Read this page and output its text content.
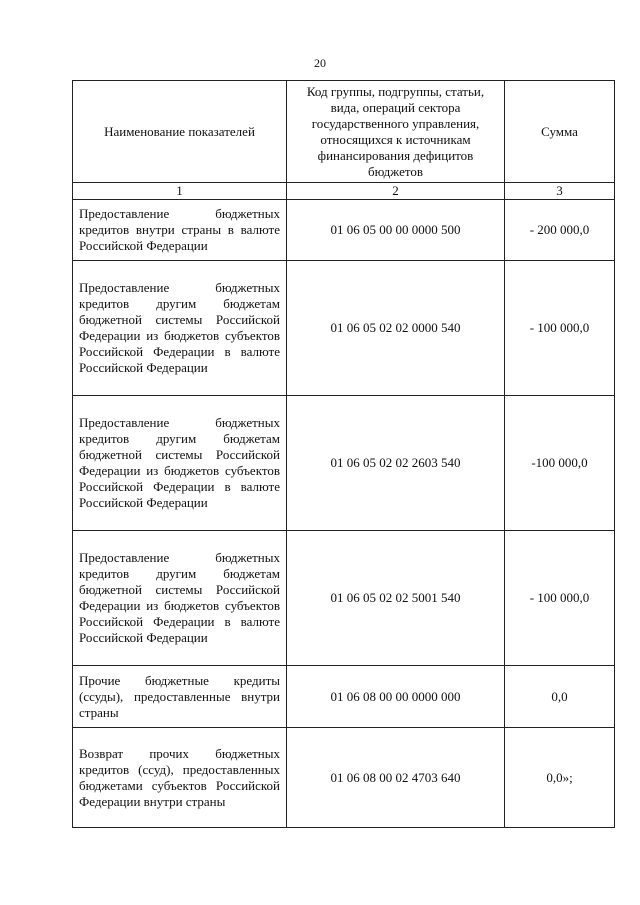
20
Наименование показателей	Код группы, подгруппы, статьи, вида, операций сектора государственного управления, относящихся к источникам финансирования дефицитов бюджетов	Сумма
1	2	3
Предоставление бюджетных кредитов внутри страны в валюте Российской Федерации	01 06 05 00 00 0000 500	- 200 000,0
Предоставление бюджетных кредитов другим бюджетам бюджетной системы Российской Федерации из бюджетов субъектов Российской Федерации в валюте Российской Федерации	01 06 05 02 02 0000 540	- 100 000,0
Предоставление бюджетных кредитов другим бюджетам бюджетной системы Российской Федерации из бюджетов субъектов Российской Федерации в валюте Российской Федерации	01 06 05 02 02 2603 540	-100 000,0
Предоставление бюджетных кредитов другим бюджетам бюджетной системы Российской Федерации из бюджетов субъектов Российской Федерации в валюте Российской Федерации	01 06 05 02 02 5001 540	- 100 000,0
Прочие бюджетные кредиты (ссуды), предоставленные внутри страны	01 06 08 00 00 0000 000	0,0
Возврат прочих бюджетных кредитов (ссуд), предоставленных бюджетами субъектов Российской Федерации внутри страны	01 06 08 00 02 4703 640	0,0»;
